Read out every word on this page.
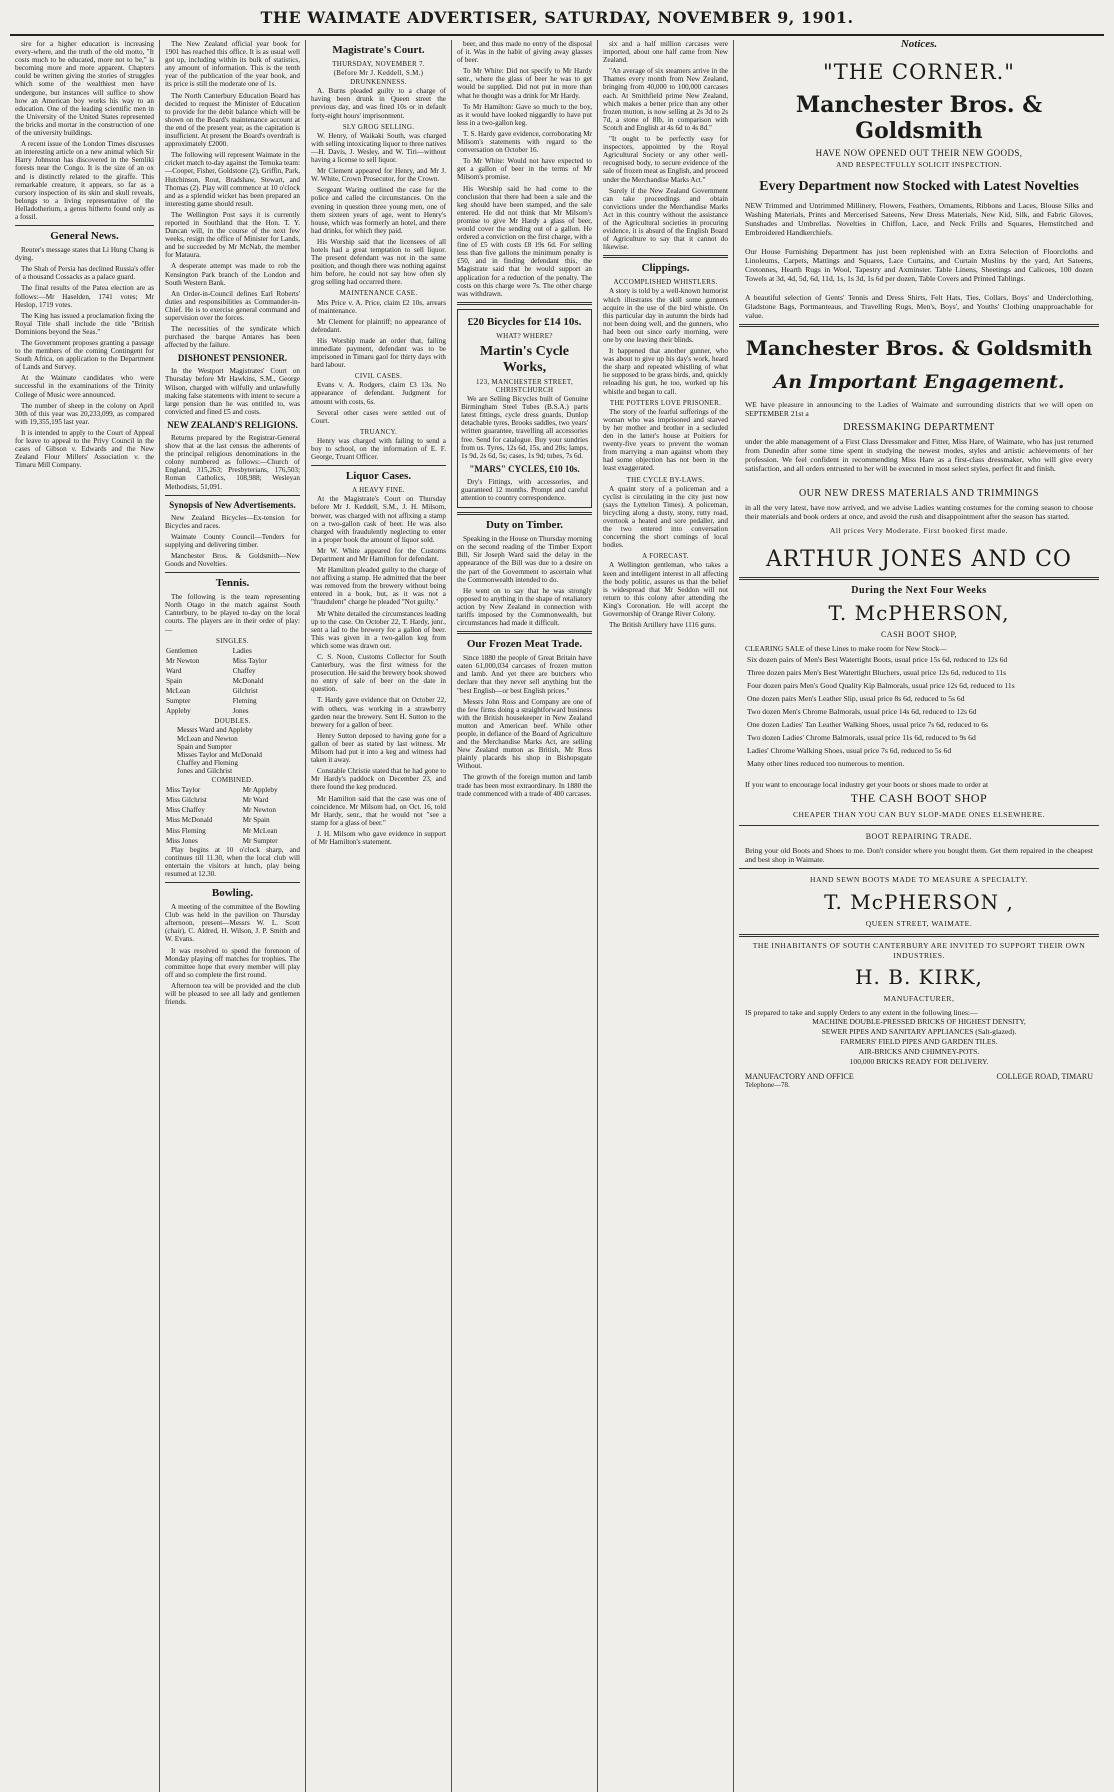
THE WAIMATE ADVERTISER, SATURDAY, NOVEMBER 9, 1901.

sire for a higher education is increasing every-where, and the truth of the old motto, "It costs much to be educated, more not to be," is becoming more and more apparent. Chapters could be written giving the stories of struggles which some of the wealthiest men have undergone, but instances will suffice to show how an American boy works his way to an education. One of the leading scientific men in the University of the United States represented the bricks and mortar in the construction of one of the university buildings.

A recent issue of the London Times discusses an interesting article on a new animal which Sir Harry Johnston has discovered in the Semliki forests near the Congo. It is the size of an ox and is distinctly related to the giraffe. This remarkable creature, it appears, so far as a cursory inspection of its skin and skull reveals, belongs to a living representative of the Helladotherium, a genus hitherto found only as a fossil.

General News.

Reuter's message states that Li Hung Chang is dying.

The Shah of Persia has declined Russia's offer of a thousand Cossacks as a palace guard.

The final results of the Patea election are as follows:—Mr Haselden, 1741 votes; Mr Heslop, 1719 votes.

The King has issued a proclamation fixing the Royal Title shall include the title "British Dominions beyond the Seas."

The Government proposes granting a passage to the members of the coming Contingent for South Africa, on application to the Department of Lands and Survey.

At the Waimate candidates who were successful in the examinations of the Trinity College of Music were announced.

The number of sheep in the colony on April 30th of this year was 20,233,099, as compared with 19,355,195 last year.

It is intended to apply to the Court of Appeal for leave to appeal to the Privy Council in the cases of Gibson v. Edwards and the New Zealand Flour Millers' Association v. the Timaru Mill Company.

The New Zealand official year book for 1901 has reached this office. It is as usual well got up, including within its bulk of statistics, any amount of information. This is the tenth year of the publication of the year book, and its price is still the moderate one of 1s.

The North Canterbury Education Board has decided to request the Minister of Education to provide for the debit balance which will be shown on the Board's maintenance account at the end of the present year, as the capitation is insufficient. At present the Board's overdraft is approximately £2000.

The following will represent Waimate in the cricket match to-day against the Temuka team:—Cooper, Fisher, Goldstone (2), Griffin, Park, Hutchinson, Rout, Bradshaw, Stewart, and Thomas (2). Play will commence at 10 o'clock and as a splendid wicket has been prepared an interesting game should result.

The Wellington Post says it is currently reported in Southland that the Hon. T. Y. Duncan will, in the course of the next few weeks, resign the office of Minister for Lands, and be succeeded by Mr McNab, the member for Mataura.

A desperate attempt was made to rob the Kensington Park branch of the London and South Western Bank.

An Order-in-Council defines Earl Roberts' duties and responsibilities as Commander-in-Chief. He is to exercise general command and supervision over the forces.

The necessities of the syndicate which purchased the barque Antares has been affected by the failure.

DISHONEST PENSIONER.

In the Westport Magistrates' Court on Thursday before Mr Hawkins, S.M., George Wilson, charged with wilfully and unlawfully making false statements with intent to secure a large pension than he was entitled to, was convicted and fined £5 and costs.

NEW ZEALAND'S RELIGIONS.

Returns prepared by the Registrar-General show that at the last census the adherents of the principal religious denominations in the colony numbered as follows:—Church of England, 315,263; Presbyterians, 176,503; Roman Catholics, 108,988; Wesleyan Methodists, 51,091.

Synopsis of New Advertisements.

New Zealand Bicycles—Ex-tension for Bicycles and races.

Waimate County Council—Tenders for supplying and delivering timber.

Manchester Bros. & Goldsmith—New Goods and Novelties.

Tennis.

The following is the team representing North Otago in the match against South Canterbury, to be played to-day on the local courts. The players are in their order of play:—

SINGLES.
Gentlemen	Ladies
Mr Newton	Miss Taylor
Ward	Chaffey
Spain	McDonald
McLean	Gilchrist
Sumpter	Fleming
Appleby	Jones
DOUBLES.
Messrs Ward and Appleby
McLean and Newton
Spain and Sumpter
Misses Taylor and McDonald
Chaffey and Fleming
Jones and Gilchrist
COMBINED.
Miss Taylor	Mr Appleby
Miss Gilchrist	Mr Ward
Miss Chaffey	Mr Newton
Miss McDonald	Mr Spain
Miss Fleming	Mr McLean
Miss Jones	Mr Sumpter

Play begins at 10 o'clock sharp, and continues till 11.30, when the local club will entertain the visitors at lunch, play being resumed at 12.30.

Bowling.

A meeting of the committee of the Bowling Club was held in the pavilion on Thursday afternoon, present—Messrs W. L. Scott (chair), C. Aldred, H. Wilson, J. P. Smith and W. Evans.

It was resolved to spend the forenoon of Monday playing off matches for trophies. The committee hope that every member will play off and so complete the first round.

Afternoon tea will be provided and the club will be pleased to see all lady and gentlemen friends.

Magistrate's Court.
THURSDAY, NOVEMBER 7.
(Before Mr J. Keddell, S.M.)
DRUNKENNESS.

A. Burns pleaded guilty to a charge of having been drunk in Queen street the previous day, and was fined 10s or in default forty-eight hours' imprisonment.

SLY GROG SELLING.

W. Henry, of Waikaki South, was charged with selling intoxicating liquor to three natives—H. Davis, J. Wesley, and W. Tiri—without having a license to sell liquor.

Mr Clement appeared for Henry, and Mr J. W. White, Crown Prosecutor, for the Crown.

Sergeant Waring outlined the case for the police and called the circumstances. On the evening in question three young men, one of them sixteen years of age, went to Henry's house, which was formerly an hotel, and there had drinks, for which they paid.

His Worship said that the licensees of all hotels had a great temptation to sell liquor. The present defendant was not in the same position, and though there was nothing against him before, he could not say how often sly grog selling had occurred there.

MAINTENANCE CASE.

Mrs Price v. A. Price, claim £2 10s, arrears of maintenance.

Mr Clement for plaintiff; no appearance of defendant.

His Worship made an order that, failing immediate payment, defendant was to be imprisoned in Timaru gaol for thirty days with hard labour.

CIVIL CASES.

Evans v. A. Rodgers, claim £3 13s. No appearance of defendant. Judgment for amount with costs, 6s.

Several other cases were settled out of Court.

TRUANCY.

Henry was charged with failing to send a boy to school, on the information of E. F. George, Truant Officer.

Liquor Cases.
A HEAVY FINE.

At the Magistrate's Court on Thursday before Mr J. Keddell, S.M., J. H. Milsom, brewer, was charged with not affixing a stamp on a two-gallon cask of beer. He was also charged with fraudulently neglecting to enter in a proper book the amount of liquor sold.

Mr W. White appeared for the Customs Department and Mr Hamilton for defendant.

Mr Hamilton pleaded guilty to the charge of not affixing a stamp. He admitted that the beer was removed from the brewery without being entered in a book, but, as it was not a "fraudulent" charge he pleaded "Not guilty."

Mr White detailed the circumstances leading up to the case. On October 22, T. Hardy, junr., sent a lad to the brewery for a gallon of beer. This was given in a two-gallon keg from which some was drawn out.

C. S. Noon, Customs Collector for South Canterbury, was the first witness for the prosecution. He said the brewery book showed no entry of sale of beer on the date in question.

T. Hardy gave evidence that on October 22, with others, was working in a strawberry garden near the brewery. Sent H. Sutton to the brewery for a gallon of beer.

Henry Sutton deposed to having gone for a gallon of beer as stated by last witness. Mr Milsom had put it into a keg and witness had taken it away.

Constable Christie stated that he had gone to Mr Hardy's paddock on December 23, and there found the keg produced.

Mr Hamilton said that the case was one of coincidence. Mr Milsom had, on Oct. 16, told Mr Hardy, senr., that he would not "see a stamp for a glass of beer."

J. H. Milsom who gave evidence in support of Mr Hamilton's statement.

beer, and thus made no entry of the disposal of it. Was in the habit of giving away glasses of beer.

To Mr White: Did not specify to Mr Hardy senr., where the glass of beer he was to get would be supplied. Did not put in more than what he thought was a drink for Mr Hardy.

To Mr Hamilton: Gave so much to the boy, as it would have looked niggardly to have put less in a two-gallon keg.

T. S. Hardy gave evidence, corroborating Mr Milsom's statements with regard to the conversation on October 16.

To Mr White: Would not have expected to get a gallon of beer in the terms of Mr Milsom's promise.

His Worship said he had come to the conclusion that there had been a sale and the keg should have been stamped, and the sale entered. He did not think that Mr Milsom's promise to give Mr Hardy a glass of beer, would cover the sending out of a gallon. He ordered a conviction on the first charge, with a fine of £5 with costs £8 19s 6d. For selling less than five gallons the minimum penalty is £50, and in finding defendant this, the Magistrate said that he would support an application for a reduction of the penalty. The costs on this charge were 7s. The other charge was withdrawn.

£20 Bicycles for £14 10s.
WHAT? WHERE?
Martin's Cycle Works,
123, MANCHESTER STREET, CHRISTCHURCH

We are Selling Bicycles built of Genuine Birmingham Steel Tubes (B.S.A.) parts latest fittings, cycle dress guards, Dunlop detachable tyres, Brooks saddles, two years' written guarantee, travelling all accessories free. Send for catalogue. Buy your sundries from us. Tyres, 12s 6d, 15s, and 20s; lamps, 1s 9d, 2s 6d, 5s; cases, 1s 9d; tubes, 7s 6d.

"MARS" CYCLES, £10 10s.

Dry's Fittings, with accessories, and guaranteed 12 months. Prompt and careful attention to country correspondence.

Duty on Timber.

Speaking in the House on Thursday morning on the second reading of the Timber Export Bill, Sir Joseph Ward said the delay in the appearance of the Bill was due to a desire on the part of the Government to ascertain what the Commonwealth intended to do.

He went on to say that he was strongly opposed to anything in the shape of retaliatory action by New Zealand in connection with tariffs imposed by the Commonwealth, but circumstances had made it difficult.

Our Frozen Meat Trade.

Since 1880 the people of Great Britain have eaten 61,000,034 carcases of frozen mutton and lamb. And yet there are butchers who declare that they never sell anything but the "best English—or best English prices."

Messrs John Ross and Company are one of the few firms doing a straightforward business with the British housekeeper in New Zealand mutton and American beef. While other people, in defiance of the Board of Agriculture and the Merchandise Marks Act, are selling New Zealand mutton as British, Mr Ross plainly placards his shop in Bishopsgate Without.

The growth of the foreign mutton and lamb trade has been most extraordinary. In 1880 the trade commenced with a trade of 400 carcases.

six and a half million carcases were imported, about one half came from New Zealand.

"An average of six steamers arrive in the Thames every month from New Zealand, bringing from 40,000 to 100,000 carcases each. At Smithfield prime New Zealand, which makes a better price than any other frozen mutton, is now selling at 2s 3d to 2s 7d, a stone of 8lb, in comparison with Scotch and English at 4s 6d to 4s 8d."

"It ought to be perfectly easy for inspectors, appointed by the Royal Agricultural Society or any other well-recognised body, to secure evidence of the sale of frozen meat as English, and proceed under the Merchandise Marks Act."

Surely if the New Zealand Government can take proceedings and obtain convictions under the Merchandise Marks Act in this country without the assistance of the Agricultural societies in procuring evidence, it is absurd of the English Board of Agriculture to say that it cannot do likewise.

Clippings.
ACCOMPLISHED WHISTLERS.

A story is told by a well-known humorist which illustrates the skill some gunners acquire in the use of the bird whistle. On this particular day in autumn the birds had not been doing well, and the gunners, who had been out since early morning, were one by one leaving their blinds.

It happened that another gunner, who was about to give up his day's work, heard the sharp and repeated whistling of what he supposed to be grass birds, and, quickly reloading his gun, he too, worked up his whistle and began to call.

THE POTTERS LOVE PRISONER.

The story of the fearful sufferings of the woman who was imprisoned and starved by her mother and brother in a secluded den in the latter's house at Poitiers for twenty-five years to prevent the woman from marrying a man against whom they had some objection has not been in the least exaggerated.

THE CYCLE BY-LAWS.

A quaint story of a policeman and a cyclist is circulating in the city just now (says the Lyttelton Times). A policeman, bicycling along a dusty, stony, rutty road, overtook a heated and sore pedaller, and the two entered into conversation concerning the short comings of local bodies.

A FORECAST.

A Wellington gentleman, who takes a keen and intelligent interest in all affecting the body politic, assures us that the belief is widespread that Mr Seddon will not return to this colony after attending the King's Coronation. He will accept the Governorship of Orange River Colony.

The British Artillery have 1116 guns.

Notices.
"THE CORNER."
Manchester Bros. & Goldsmith
HAVE NOW OPENED OUT THEIR NEW GOODS,
AND RESPECTFULLY SOLICIT INSPECTION.
Every Department now Stocked with Latest Novelties
NEW Trimmed and Untrimmed Millinery, Flowers, Feathers, Ornaments, Ribbons and Laces, Blouse Silks and Washing Materials, Prints and Mercerised Sateens, New Dress Materials, New Kid, Silk, and Fabric Gloves, Sunshades and Umbrellas. Novelties in Chiffon, Lace, and Neck Frills and Squares, Hemstitched and Embroidered Handkerchiefs.
Our House Furnishing Department has just been replenished with an Extra Selection of Floorcloths and Linoleums, Carpets, Mattings and Squares, Lace Curtains, and Curtain Muslins by the yard, Art Sateens, Cretonnes, Hearth Rugs in Wool, Tapestry and Axminster. Table Linens, Sheetings and Calicoes, 100 dozen Towels at 3d, 4d, 5d, 6d, 11d, 1s, 1s 3d, 1s 6d per dozen, Table Covers and Printed Tablings.
A beautiful selection of Gents' Tennis and Dress Shirts, Felt Hats, Ties, Collars, Boys' and Underclothing, Gladstone Bags, Portmanteaus, and Travelling Rugs, Men's, Boys', and Youths' Clothing unapproachable for value.
Manchester Bros. & Goldsmith
An Important Engagement.
WE have pleasure in announcing to the Ladies of Waimate and surrounding districts that we will open on SEPTEMBER 21st a
DRESSMAKING DEPARTMENT
under the able management of a First Class Dressmaker and Fitter, Miss Hare, of Waimate, who has just returned from Dunedin after some time spent in studying the newest modes, styles and artistic achievements of her profession. We feel confident in recommending Miss Hare as a first-class dressmaker, who will give every satisfaction, and all orders entrusted to her will be executed in most select styles, perfect fit and finish.
OUR NEW DRESS MATERIALS AND TRIMMINGS
in all the very latest, have now arrived, and we advise Ladies wanting costumes for the coming season to choose their materials and book orders at once, and avoid the rush and disappointment after the season has started.
All prices Very Moderate. First booked first made.
ARTHUR JONES AND CO
During the Next Four Weeks
T. McPHERSON,
CASH BOOT SHOP,
CLEARING SALE of these Lines to make room for New Stock—
Six dozen pairs of Men's Best Watertight Boots, usual price 15s 6d, reduced to 12s 6d
Three dozen pairs Men's Best Watertight Bluchers, usual price 12s 6d, reduced to 11s
Four dozen pairs Men's Good Quality Kip Balmorals, usual price 12s 6d, reduced to 11s
One dozen pairs Men's Leather Slip, usual price 8s 6d, reduced to 5s 6d
Two dozen Men's Chrome Balmorals, usual price 14s 6d, reduced to 12s 6d
One dozen Ladies' Tan Leather Walking Shoes, usual price 7s 6d, reduced to 6s
Two dozen Ladies' Chrome Balmorals, usual price 11s 6d, reduced to 9s 6d
Ladies' Chrome Walking Shoes, usual price 7s 6d, reduced to 5s 6d
Many other lines reduced too numerous to mention.
If you want to encourage local industry get your boots or shoes made to order at
THE CASH BOOT SHOP
CHEAPER THAN YOU CAN BUY SLOP-MADE ONES ELSEWHERE.
BOOT REPAIRING TRADE.
Bring your old Boots and Shoes to me. Don't consider where you bought them. Get them repaired in the cheapest and best shop in Waimate.
HAND SEWN BOOTS MADE TO MEASURE A SPECIALTY.
T. McPHERSON ,
QUEEN STREET, WAIMATE.
THE INHABITANTS OF SOUTH CANTERBURY ARE INVITED TO SUPPORT THEIR OWN INDUSTRIES.
H. B. KIRK,
MANUFACTURER,
IS prepared to take and supply Orders to any extent in the following lines:—
MACHINE DOUBLE-PRESSED BRICKS OF HIGHEST DENSITY,
SEWER PIPES AND SANITARY APPLIANCES (Salt-glazed).
FARMERS' FIELD PIPES AND GARDEN TILES.
AIR-BRICKS AND CHIMNEY-POTS.
100,000 BRICKS READY FOR DELIVERY.
MANUFACTORY AND OFFICE	COLLEGE ROAD, TIMARU
Telephone—78.
